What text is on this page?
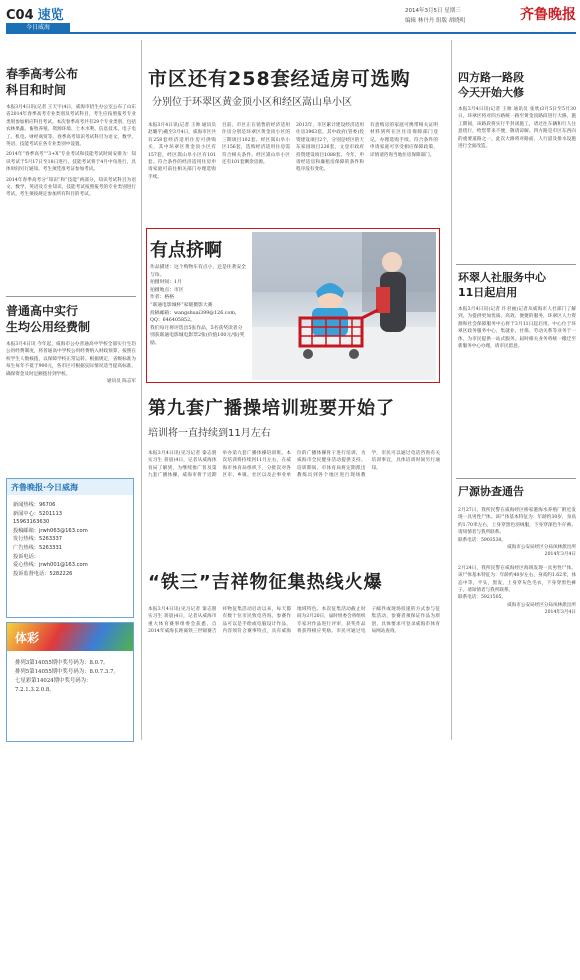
C04 速览
今日威海
2014年3月5日 星期三
编辑 林丹丹 组版 胡晓明	齐鲁晚报
春季高考公布
科目和时间
本报3月4日讯(记者 王天宇)4日，威海市招生办公室公布了山东省2014年春季高考专业类别及考试科目，考生应按照报考专业类别参加相应科目考试。本次春季高考共有29个专业类别，包括农林果蔬、畜牧养殖、资源环境、土木水利、信息技术、电子电工、机电、财经商贸等。春季高考知识考试科目为语文、数学、英语，技能考试在各专业类别中设置。
2014年“春季高考”“3+X”专业考试和技能考试时间安排为：知识考试于5月17日至18日进行，技能考试将于4月中旬进行，具体时间另行通知。考生须凭准考证参加考试。
2014年春季高考分“知识”和“技能”两部分，知识考试科目为语文、数学、英语及专业知识，技能考试按照报考的专业类别进行考试，考生须按规定参加所有科目的考试。
普通高中实行
生均公用经费制
本报3月4日讯 今年起，威海市公办普通高中学校全部实行生均公用经费制度，将普通高中学校公用经费纳入财政预算，按照在校学生人数核拨，以保障学校正常运转。根据规定，省级标准为每生每年不低于900元，各市区可根据实际情况适当提高标准，确保资金及时足额拨付到学校。
通讯员 陈志军
齐鲁晚报·今日威海
新闻热线：96706
新闻中心：5201113
15963163630
投稿邮箱：jrwh063@163.com
发行热线：5263337
广告热线：5263331
投诉电话：
爱心热线：jrwh001@163.com
投诉监督电话：5282226
体彩
排列3第14055期中奖号码为：8.0.7。
排列5第14055期中奖号码为：8.0.7.3.7。
七星彩第14024期中奖号码为：7.2.1.3.2.0.8。
市区还有258套经适房可选购
分别位于环翠区黄金顶小区和经区嵩山阜小区
本报3月4日讯(记者 王帅 通讯员 赵璐平)截至3月4日，威海市区共有258套经济适用住房可供购买，其中环翠区黄金顶小区有157套，经区嵩山阜小区有101套。符合条件的经济适用住房申请家庭可前往相关部门办理选购手续。
目前，市区正在销售的经济适用住房分别是环翠区黄金顶小区的三期项目102套、经区嵩山阜小区156套，选购经济适用住房需符合相关条件。经区嵩山阜小区还有101套剩余房源。
2013年，市区累计建设经济适用住房3963套，其中政府(管委)投资建设项目2个，分别是经区的天东家园项目226套，文登市政府投资建设项目1088套。今年，申请经适房和廉租房保障的条件和程序没有变化。
有意购房的家庭可携带相关证明材料到所在区住房保障部门登记，办理选购手续。符合条件的申请家庭可享受相应保障政策，详情请咨询当地住房保障部门。
有点挤啊
作品描述：这个购物车有点小，还是住著安全与珍。
拍摄时间：1月
拍摄地点：市区
作者：格格
“联通电影城杯”家暖摄影大赛
投稿邮箱：wangshuai399@126.com，QQ：646405852。
我们每月将评选出5张作品，5名获奖读者分别获联通电影城电影票2张(价值100元/张)奖励。
第九套广播操培训班要开始了
培训将一直持续到11月左右
本报3月4日讯(见习记者 秦志朋 实习生 蒋晨)4日，记者从威海体育局了解到，为继续推广普及第九套广播体操，威海市将于近期举办第九套广播体操培训班。本次培训将持续到11月左右，在威海市体育局组织下，分批次对各区市、乡镇、社区以及企事业单位的广播体操骨干进行培训，为威海市全民健身活动提供支持。培训期间，市体育局将定期派出教练员到各个地区进行现场教学，市民可以通过电话咨询有关培训事宜，具体培训时间另行通知。
“铁三”吉祥物征集热线火爆
本报3月4日讯(见习记者 秦志朋 实习生 蒋晨)4日，记者从威海市重大体育赛事组委会获悉，自2014年威海长距离铁三世锦赛吉祥物征集活动启动以来，每天都有数十位市民致电咨询。参赛作品可以是手绘或电脑设计作品，内容须符合赛事特点，具有威海地域特色。本次征集活动截止时间为3月20日，届时组委会将组织专家对作品进行评审，获奖作品将获得相应奖励。市民可通过电子邮件或现场投递的方式参与征集活动，参赛者须保证作品为原创，具体要求可登录威海市体育局网站查询。
四方路一路段
今天开始大修
本报3月4日讯(记者 王帅 通讯员 张欣)3月5日至5月30日，环翠区将对四方路统一路至黄金顶路段进行大修。施工期间，该路段将实行半封闭施工，请过往车辆和行人注意绕行，给您带来不便，敬请谅解。四方路是市区东西向的重要道路之一，此次大修将对路面、人行道及排水设施进行全面改造。
环翠人社服务中心
11日起启用
本报3月4日讯(记者 许君丽)记者从威海市人社部门了解到，为提供更加优质、高效、便捷的服务，环翠区人力资源和社会保障服务中心将于3月11日起启用。中心位于环翠区政务服务中心，集就业、社保、劳动关系等业务于一体，为市民提供一站式服务。届时相关业务将统一搬迁至新服务中心办理，请市民留意。
尸源协查通告
2月27日，我所民警在威海经区桥家港海水养殖厂附近发现一具男性尸体。该尸体基本特征为：年龄约30岁，身高约1.70米左右，上身穿黑色羽绒服，下身穿深色牛仔裤。请知情者与我所联系。
联系电话：5903530。
威海市公安局经区分局凤林派出所
2014年3月4日
2月24日，我所民警在威海经区海域发现一具男性尸体。该尸体基本特征为：年龄约40岁左右，身高约1.62米，体态中等，平头，黑发，上身穿灰色毛衣，下身穿黑色裤子。请知情者与我所联系。
联系电话：5921505。
威海市公安局经区分局凤林派出所
2014年3月4日
